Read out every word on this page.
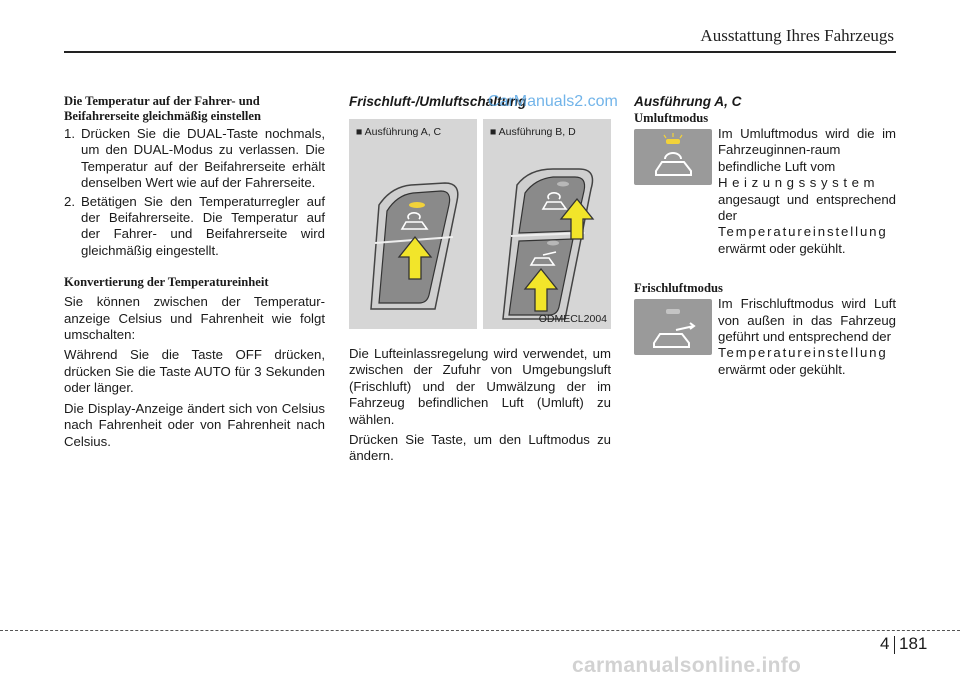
Ausstattung Ihres Fahrzeugs
Die Temperatur auf der Fahrer- und
Beifahrerseite gleichmäßig einstellen
1. Drücken Sie die DUAL-Taste nochmals, um den DUAL-Modus zu verlassen. Die Temperatur auf der Beifahrerseite erhält denselben Wert wie auf der Fahrerseite.
2. Betätigen Sie den Temperaturregler auf der Beifahrerseite. Die Temperatur auf der Fahrer- und Beifahrerseite wird gleichmäßig eingestellt.
Konvertierung der Temperatureinheit

Sie können zwischen der Temperatur-anzeige Celsius und Fahrenheit wie folgt umschalten:

Während Sie die Taste OFF drücken, drücken Sie die Taste AUTO für 3 Sekunden oder länger.

Die Display-Anzeige ändert sich von Celsius nach Fahrenheit oder von Fahrenheit nach Celsius.

Frischluft-/Umluftschaltung
■ Ausführung A, C	■ Ausführung B, D
ODMECL2004

Die Lufteinlassregelung wird verwendet, um zwischen der Zufuhr von Umgebungsluft (Frischluft) und der Umwälzung der im Fahrzeug befindlichen Luft (Umluft) zu wählen.

Drücken Sie Taste, um den Luftmodus zu ändern.

CarManuals2.com Ausführung A, C
Umluftmodus

Im Umluftmodus wird die im Fahrzeuginnen-raum befindliche Luft vom

Heizungssystem

angesaugt und entsprechend der

Temperatureinstellung

erwärmt oder gekühlt.

Frischluftmodus

Im Frischluftmodus wird Luft von außen in das Fahrzeug geführt und entsprechend der

Temperatureinstellung

erwärmt oder gekühlt.

4 181
carmanualsonline.info
